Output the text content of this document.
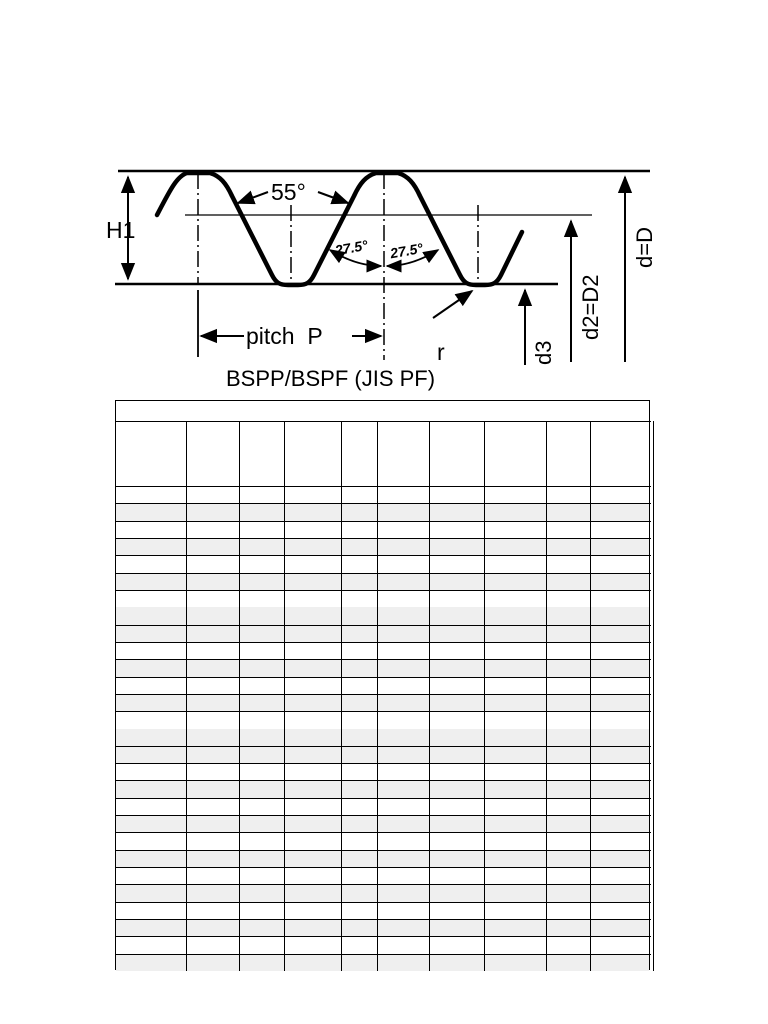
H1
55°
27.5° 27.5°
pitch  P
r	d3
d2=D2
d=D
BSPP/BSPF (JIS PF)
